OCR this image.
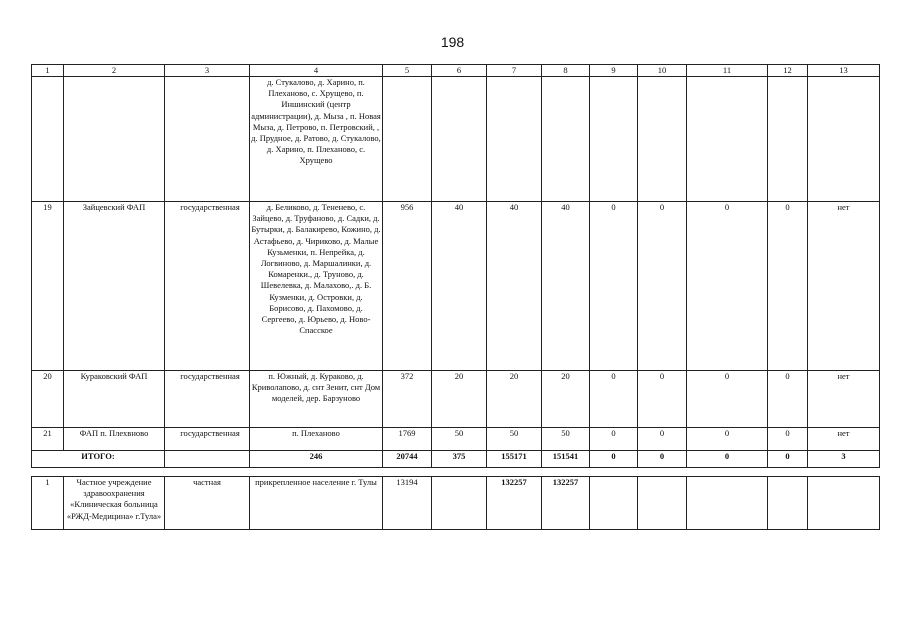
198
1	2	3	4	5	6	7	8	9	10	11	12	13
			д. Стукалово, д. Харино, п. Плеханово, с. Хрущево, п. Иншинский (центр администрации), д. Мыза , п. Новая Мыза, д. Петрово, п. Петровский, , д. Прудное, д. Ратово, д. Стукалово, д. Харино, п. Плеханово, с. Хрущево									
19	Зайцевский ФАП	государственная	д. Беликово, д. Тененево, с. Зайцево, д. Труфаново, д. Садки, д. Бутырки, д. Балакирево, Кожино, д. Астафьево, д. Чириково, д. Малые Кузьменки, п. Непрейка, д. Логвиново, д. Маршалинки, д. Комаренки., д. Труново, д. Шевелевка, д. Малахово,. д. Б. Кузменки, д. Островки, д. Борисово, д. Пахомово, д. Сергеево, д. Юрьево, д. Ново-Спасское	956	40	40	40	0	0	0	0	нет
20	Кураковский ФАП	государственная	п. Южный, д. Кураково, д. Криволапово, д. снт Зенит, снт Дом моделей, дер. Барзуново	372	20	20	20	0	0	0	0	нет
21	ФАП п. Плехвново	государственная	п. Плеханово	1769	50	50	50	0	0	0	0	нет
ИТОГО:			246	20744	375	155171	151541	0	0	0	0	3

1	Частное учреждение здравоохранения «Клиническая больница «РЖД-Медицина» г.Тула»	частная	прикрепленное население г. Тулы	13194		132257	132257					
